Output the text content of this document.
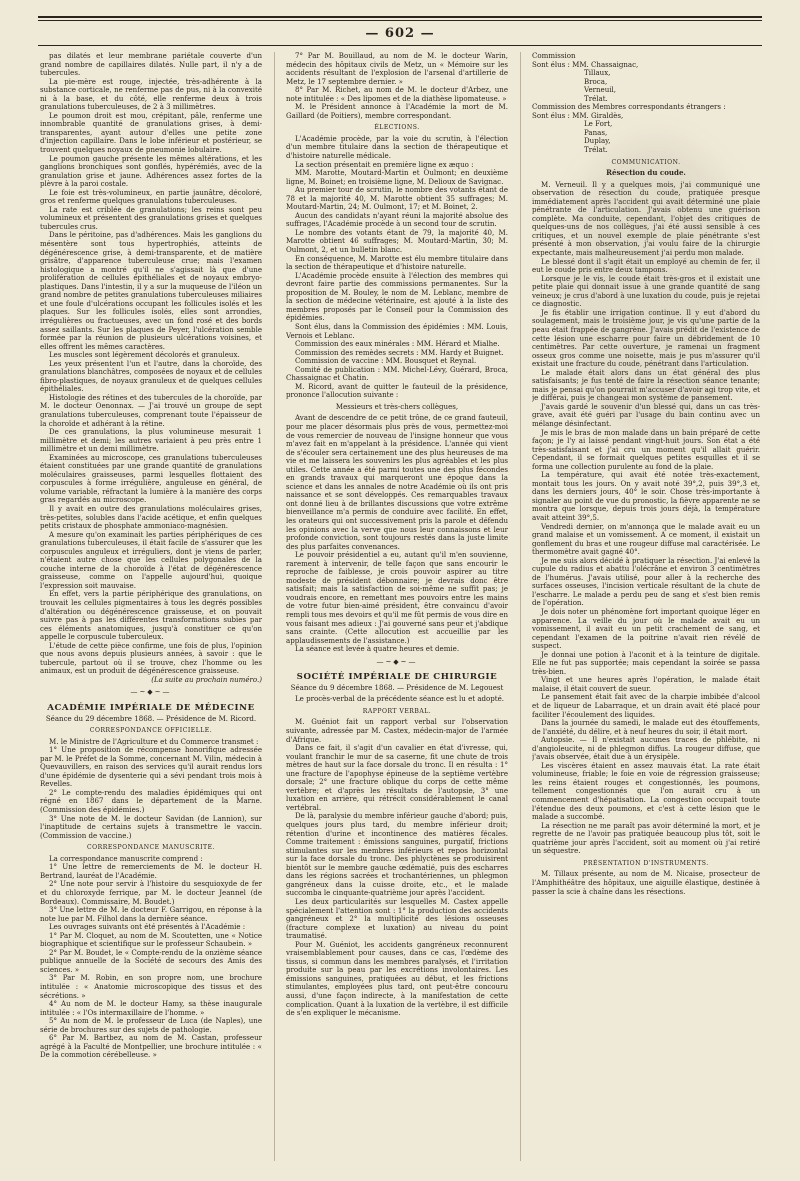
— 602 —

pas dilatés et leur membrane pariétale couverte d'un grand nombre de capillaires dilatés. Nulle part, il n'y a de tubercules.

La pie-mère est rouge, injectée, très-adhérente à la substance corticale, ne renferme pas de pus, ni à la convexité ni à la base, et du côté, elle renferme deux à trois granulations tuberculeuses, de 2 à 3 millimètres.

Le poumon droit est mou, crépitant, pâle, renferme une innombrable quantité de granulations grises, à demi-transparentes, ayant autour d'elles une petite zone d'injection capillaire. Dans le lobe inférieur et postérieur, se trouvent quelques noyaux de pneumonie lobulaire.

Le poumon gauche présente les mêmes altérations, et les ganglions bronchiques sont gonflés, hypérémiés, avec de la granulation grise et jaune. Adhérences assez fortes de la plèvre à la paroi costale.

Le foie est très-volumineux, en partie jaunâtre, décoloré, gros et renferme quelques granulations tuberculeuses.

La rate est criblée de granulations; les reins sont peu volumineux et présentent des granulations grises et quelques tubercules crus.

Dans le péritoine, pas d'adhérences. Mais les ganglions du mésentère sont tous hypertrophiés, atteints de dégénérescence grise, à demi-transparente, et de matière grisâtre, d'apparence tuberculeuse crue; mais l'examen histologique a montré qu'il ne s'agissait là que d'une prolifération de cellules épithéliales et de noyaux embryo-plastiques. Dans l'intestin, il y a sur la muqueuse de l'iléon un grand nombre de petites granulations tuberculeuses miliaires et une foule d'ulcérations occupant les follicules isolés et les plaques. Sur les follicules isolés, elles sont arrondies, irrégulières ou fractueuses, avec un fond rosé et des bords assez saillants. Sur les plaques de Peyer, l'ulcération semble formée par la réunion de plusieurs ulcérations voisines, et elles offrent les mêmes caractères.

Les muscles sont légèrement décolorés et granuleux.

Les yeux présentent l'un et l'autre, dans la choroïde, des granulations blanchâtres, composées de noyaux et de cellules fibro-plastiques, de noyaux granuleux et de quelques cellules épithéliales.

Histologie des rétines et des tubercules de la choroïde, par M. le docteur Oenonnax. — J'ai trouvé un groupe de sept granulations tuberculeuses, comprenant toute l'épaisseur de la choroïde et adhérant à la rétine.

De ces granulations, la plus volumineuse mesurait 1 millimètre et demi; les autres variaient à peu près entre 1 millimètre et un demi millimètre.

Examinées au microscope, ces granulations tuberculeuses étaient constituées par une grande quantité de granulations moléculaires graisseuses, parmi lesquelles flottaient des corpuscules à forme irrégulière, anguleuse en général, de volume variable, réfractant la lumière à la manière des corps gras regardés au microscope.

Il y avait en outre des granulations moléculaires grises, très-petites, solubles dans l'acide acétique, et enfin quelques petits cristaux de phosphate ammoniaco-magnésien.

A mesure qu'on examinait les parties périphériques de ces granulations tuberculeuses, il était facile de s'assurer que les corpuscules anguleux et irréguliers, dont je viens de parler, n'étaient autre chose que les cellules polygonales de la couche interne de la choroïde à l'état de dégénérescence graisseuse, comme on l'appelle aujourd'hui, quoique l'expression soit mauvaise.

En effet, vers la partie périphérique des granulations, on trouvait les cellules pigmentaires à tous les degrés possibles d'altération ou dégénérescence graisseuse, et on pouvait suivre pas à pas les différentes transformations subies par ces éléments anatomiques, jusqu'à constituer ce qu'on appelle le corpuscule tuberculeux.

L'étude de cette pièce confirme, une fois de plus, l'opinion que nous avons depuis plusieurs années, à savoir : que le tubercule, partout où il se trouve, chez l'homme ou les animaux, est un produit de dégénérescence graisseuse.

(La suite au prochain numéro.)

—~◆~—
ACADÉMIE IMPÉRIALE DE MÉDECINE
Séance du 29 décembre 1868. — Présidence de M. Ricord.
CORRESPONDANCE OFFICIELLE.

M. le Ministre de l'Agriculture et du Commerce transmet :

1° Une proposition de récompense honorifique adressée par M. le Préfet de la Somme, concernant M. Vilin, médecin à Quevauvillers, en raison des services qu'il aurait rendus lors d'une épidémie de dysenterie qui a sévi pendant trois mois à Revelles.

2° Le compte-rendu des maladies épidémiques qui ont régné en 1867 dans le département de la Marne. (Commission des épidémies.)

3° Une note de M. le docteur Savidan (de Lannion), sur l'inaptitude de certains sujets à transmettre le vaccin. (Commission de vaccine.)

CORRESPONDANCE MANUSCRITE.

La correspondance manuscrite comprend :

1° Une lettre de remerciements de M. le docteur H. Bertrand, lauréat de l'Académie.

2° Une note pour servir à l'histoire du sesquioxyde de fer et du chloroxyde ferrique, par M. le docteur Jeannel (de Bordeaux). Commissaire, M. Boudet.)

3° Une lettre de M. le docteur F. Garrigou, en réponse à la note lue par M. Filhol dans la dernière séance.

Les ouvrages suivants ont été présentés à l'Académie :

1° Par M. Cloquet, au nom de M. Scoutetten, une « Notice biographique et scientifique sur le professeur Schaubein. »

2° Par M. Boudet, le « Compte-rendu de la onzième séance publique annuelle de la Société de secours des Amis des sciences. »

3° Par M. Robin, en son propre nom, une brochure intitulée : « Anatomie microscopique des tissus et des sécrétions. »

4° Au nom de M. le docteur Hamy, sa thèse inaugurale intitulée : « l'Os intermaxillaire de l'homme. »

5° Au nom de M. le professeur de Luca (de Naples), une série de brochures sur des sujets de pathologie.

6° Par M. Bartbez, au nom de M. Castan, professeur agrégé à la Faculté de Montpellier, une brochure intitulée : « De la commotion cérébelleuse. »

7° Par M. Bouillaud, au nom de M. le docteur Warin, médecin des hôpitaux civils de Metz, un « Mémoire sur les accidents résultant de l'explosion de l'arsenal d'artillerie de Metz, le 17 septembre dernier. »

8° Par M. Richet, au nom de M. le docteur d'Arbez, une note intitulée : « Des lipomes et de la diathèse lipomateuse. »

M. le Président annonce à l'Académie la mort de M. Gaillard (de Poitiers), membre correspondant.

ÉLECTIONS.

L'Académie procède, par la voie du scrutin, à l'élection d'un membre titulaire dans la section de thérapeutique et d'histoire naturelle médicale.

La section présentait en première ligne ex æquo :

MM. Marotte, Moutard-Martin et Oulmont; en deuxième ligne, M. Boinet; en troisième ligne, M. Delioux de Savignac.

Au premier tour de scrutin, le nombre des votants étant de 78 et la majorité 40, M. Marotte obtient 35 suffrages; M. Moutard-Martin, 24; M. Oulmont, 17; et M. Boinet, 2.

Aucun des candidats n'ayant réuni la majorité absolue des suffrages, l'Académie procède à un second tour de scrutin.

Le nombre des votants étant de 79, la majorité 40, M. Marotte obtient 46 suffrages; M. Moutard-Martin, 30; M. Oulmont, 2, et un bulletin blanc.

En conséquence, M. Marotte est élu membre titulaire dans la section de thérapeutique et d'histoire naturelle.

L'Académie procède ensuite à l'élection des membres qui devront faire partie des commissions permanentes. Sur la proposition de M. Bouley, le nom de M. Leblanc, membre de la section de médecine vétérinaire, est ajouté à la liste des membres proposés par le Conseil pour la Commission des épidémies.

Sont élus, dans la Commission des épidémies : MM. Louis, Vernois et Leblanc.

Commission des eaux minérales : MM. Hérard et Mialhe.

Commission des remèdes secrets : MM. Hardy et Buignet.

Commission de vaccine : MM. Bousquet et Reynal.

Comité de publication : MM. Michel-Lévy, Guérard, Broca, Chassaignac et Chatin.

M. Ricord, avant de quitter le fauteuil de la présidence, prononce l'allocution suivante :

Messieurs et très-chers collègues,

Avant de descendre de ce petit trône, de ce grand fauteuil, pour me placer désormais plus près de vous, permettez-moi de vous remercier de nouveau de l'insigne honneur que vous m'avez fait en m'appelant à la présidence. L'année qui vient de s'écouler sera certainement une des plus heureuses de ma vie et me laissera les souvenirs les plus agréables et les plus utiles. Cette année a été parmi toutes une des plus fécondes en grands travaux qui marqueront une époque dans la science et dans les annales de notre Académie où ils ont pris naissance et se sont développés. Ces remarquables travaux ont donné lieu à de brillantes discussions que votre extrême bienveillance m'a permis de conduire avec facilité. En effet, les orateurs qui ont successivement pris la parole et défendu les opinions avec la verve que nous leur connaissons et leur profonde conviction, sont toujours restés dans la juste limite des plus parfaites convenances.

Le pouvoir présidentiel a eu, autant qu'il m'en souvienne, rarement à intervenir, de telle façon que sans encourir le reproche de faiblesse, je crois pouvoir aspirer au titre modeste de président débonnaire; je devrais donc être satisfait; mais la satisfaction de soi-même ne suffit pas; je voudrais encore, en remettant mes pouvoirs entre les mains de votre futur bien-aimé président, être convaincu d'avoir rempli tous mes devoirs et qu'il me fût permis de vous dire en vous faisant mes adieux : J'ai gouverné sans peur et j'abdique sans crainte. (Cette allocution est accueillie par les applaudissements de l'assistance.)

La séance est levée à quatre heures et demie.

—~◆~—
SOCIÉTÉ IMPÉRIALE DE CHIRURGIE
Séance du 9 décembre 1868. — Présidence de M. Legouest

Le procès-verbal de la précédente séance est lu et adopté.

RAPPORT VERBAL.

M. Guéniot fait un rapport verbal sur l'observation suivante, adressée par M. Castex, médecin-major de l'armée d'Afrique.

Dans ce fait, il s'agit d'un cavalier en état d'ivresse, qui, voulant franchir le mur de sa caserne, fit une chute de trois mètres de haut sur la face dorsale du tronc. Il en résulta : 1° une fracture de l'apophyse épineuse de la septième vertèbre dorsale; 2° une fracture oblique du corps de cette même vertèbre; et d'après les résultats de l'autopsie, 3° une luxation en arrière, qui rétrécit considérablement le canal vertébral.

De là, paralysie du membre inférieur gauche d'abord; puis, quelques jours plus tard, du membre inférieur droit; rétention d'urine et incontinence des matières fécales. Comme traitement : émissions sanguines, purgatif, frictions stimulantes sur les membres inférieurs et repos horizontal sur la face dorsale du tronc. Des phlyctènes se produisirent bientôt sur le membre gauche œdématié, puis des escharres dans les régions sacrées et trochantériennes, un phlegmon gangréneux dans la cuisse droite, etc., et le malade succomba le cinquante-quatrième jour après l'accident.

Les deux particularités sur lesquelles M. Castex appelle spécialement l'attention sont : 1° la production des accidents gangréneux et 2° la multiplicité des lésions osseuses (fracture complexe et luxation) au niveau du point traumatisé.

Pour M. Guéniot, les accidents gangréneux reconnurent vraisemblablement pour causes, dans ce cas, l'œdème des tissus, si commun dans les membres paralysés, et l'irritation produite sur la peau par les excrétions involontaires. Les émissions sanguines, pratiquées au début, et les frictions stimulantes, employées plus tard, ont peut-être concouru aussi, d'une façon indirecte, à la manifestation de cette complication. Quant à la luxation de la vertèbre, il est difficile de s'en expliquer le mécanisme.

Commission

Sont élus : MM. Chassaignac,

Tillaux,

Broca,

Verneuil,

Trélat.

Commission des Membres correspondants étrangers :

Sont élus : MM. Giraldès,

Le Fort,

Panas,

Duplay,

Trélat.

COMMUNICATION.
Résection du coude.

M. Verneuil. Il y a quelques mois, j'ai communiqué une observation de résection du coude, pratiquée presque immédiatement après l'accident qui avait déterminé une plaie pénétrante de l'articulation. J'avais obtenu une guérison complète. Ma conduite, cependant, l'objet des critiques de quelques-uns de nos collègues, j'ai été aussi sensible à ces critiques, et un nouvel exemple de plaie pénétrante s'est présenté à mon observation, j'ai voulu faire de la chirurgie expectante, mais malheureusement j'ai perdu mon malade.

Le blessé dont il s'agit était un employé au chemin de fer, il eut le coude pris entre deux tampons.

Lorsque je le vis, le coude était très-gros et il existait une petite plaie qui donnait issue à une grande quantité de sang veineux; je crus d'abord à une luxation du coude, puis je rejetai ce diagnostic.

Je fis établir une irrigation continue. Il y eut d'abord du soulagement, mais le troisième jour, je vis qu'une partie de la peau était frappée de gangrène. J'avais prédit de l'existence de cette lésion une escharre pour faire un débridement de 10 centimètres. Par cette ouverture, je ramenai un fragment osseux gros comme une noisette, mais je pus m'assurer qu'il existait une fracture du coude, pénétrant dans l'articulation.

Le malade était alors dans un état général des plus satisfaisants; je fus tenté de faire la résection séance tenante; mais je pensai qu'on pourrait m'accuser d'avoir agi trop vite, et je différai, puis je changeai mon système de pansement.

J'avais gardé le souvenir d'un blessé qui, dans un cas très-grave, avait été guéri par l'usage du bain continu avec un mélange désinfectant.

Je mis le bras de mon malade dans un bain préparé de cette façon; je l'y ai laissé pendant vingt-huit jours. Son état a été très-satisfaisant et j'ai cru un moment qu'il allait guérir. Cependant, il se formait quelques petites esquilles et il se forma une collection purulente au fond de la plaie.

La température, qui avait été notée très-exactement, montait tous les jours. On y avait noté 39°,2, puis 39°,3 et, dans les derniers jours, 40° le soir. Chose très-importante à signaler au point de vue du pronostic, la fièvre apparente ne se montra que lorsque, depuis trois jours déjà, la température avait atteint 39°,5.

Vendredi dernier, on m'annonça que le malade avait eu un grand malaise et un vomissement. A ce moment, il existait un gonflement du bras et une rougeur diffuse mal caractérisée. Le thermomètre avait gagné 40°.

Je me suis alors décidé à pratiquer la résection. J'ai enlevé la cupule du radius et abattu l'olécrâne et environ 3 centimètres de l'humérus. J'avais utilisé, pour aller à la recherche des surfaces osseuses, l'incision verticale résultant de la chute de l'escharre. Le malade a perdu peu de sang et s'est bien remis de l'opération.

Je dois noter un phénomène fort important quoique léger en apparence. La veille du jour où le malade avait eu un vomissement, il avait eu un petit crachement de sang, et cependant l'examen de la poitrine n'avait rien révélé de suspect.

Je donnai une potion à l'aconit et à la teinture de digitale. Elle ne fut pas supportée; mais cependant la soirée se passa très-bien.

Vingt et une heures après l'opération, le malade était malaise, il était couvert de sueur.

Le pansement était fait avec de la charpie imbibée d'alcool et de liqueur de Labarraque, et un drain avait été placé pour faciliter l'écoulement des liquides.

Dans la journée du samedi, le malade eut des étouffements, de l'anxiété, du délire, et à neuf heures du soir, il était mort.

Autopsie. — Il n'existait aucunes traces de phlébite, ni d'angioleucite, ni de phlegmon diffus. La rougeur diffuse, que j'avais observée, était due à un érysipèle.

Les viscères étaient en assez mauvais état. La rate était volumineuse, friable; le foie en voie de régression graisseuse; les reins étaient rouges et congestionnés, les poumons, tellement congestionnés que l'on aurait cru à un commencement d'hépatisation. La congestion occupait toute l'étendue des deux poumons, et c'est à cette lésion que le malade a succombé.

La résection ne me paraît pas avoir déterminé la mort, et je regrette de ne l'avoir pas pratiquée beaucoup plus tôt, soit le quatrième jour après l'accident, soit au moment où j'ai retiré un séquestre.

PRÉSENTATION D'INSTRUMENTS.

M. Tillaux présente, au nom de M. Nicaise, prosecteur de l'Amphithéâtre des hôpitaux, une aiguille élastique, destinée à passer la scie à chaîne dans les résections.
